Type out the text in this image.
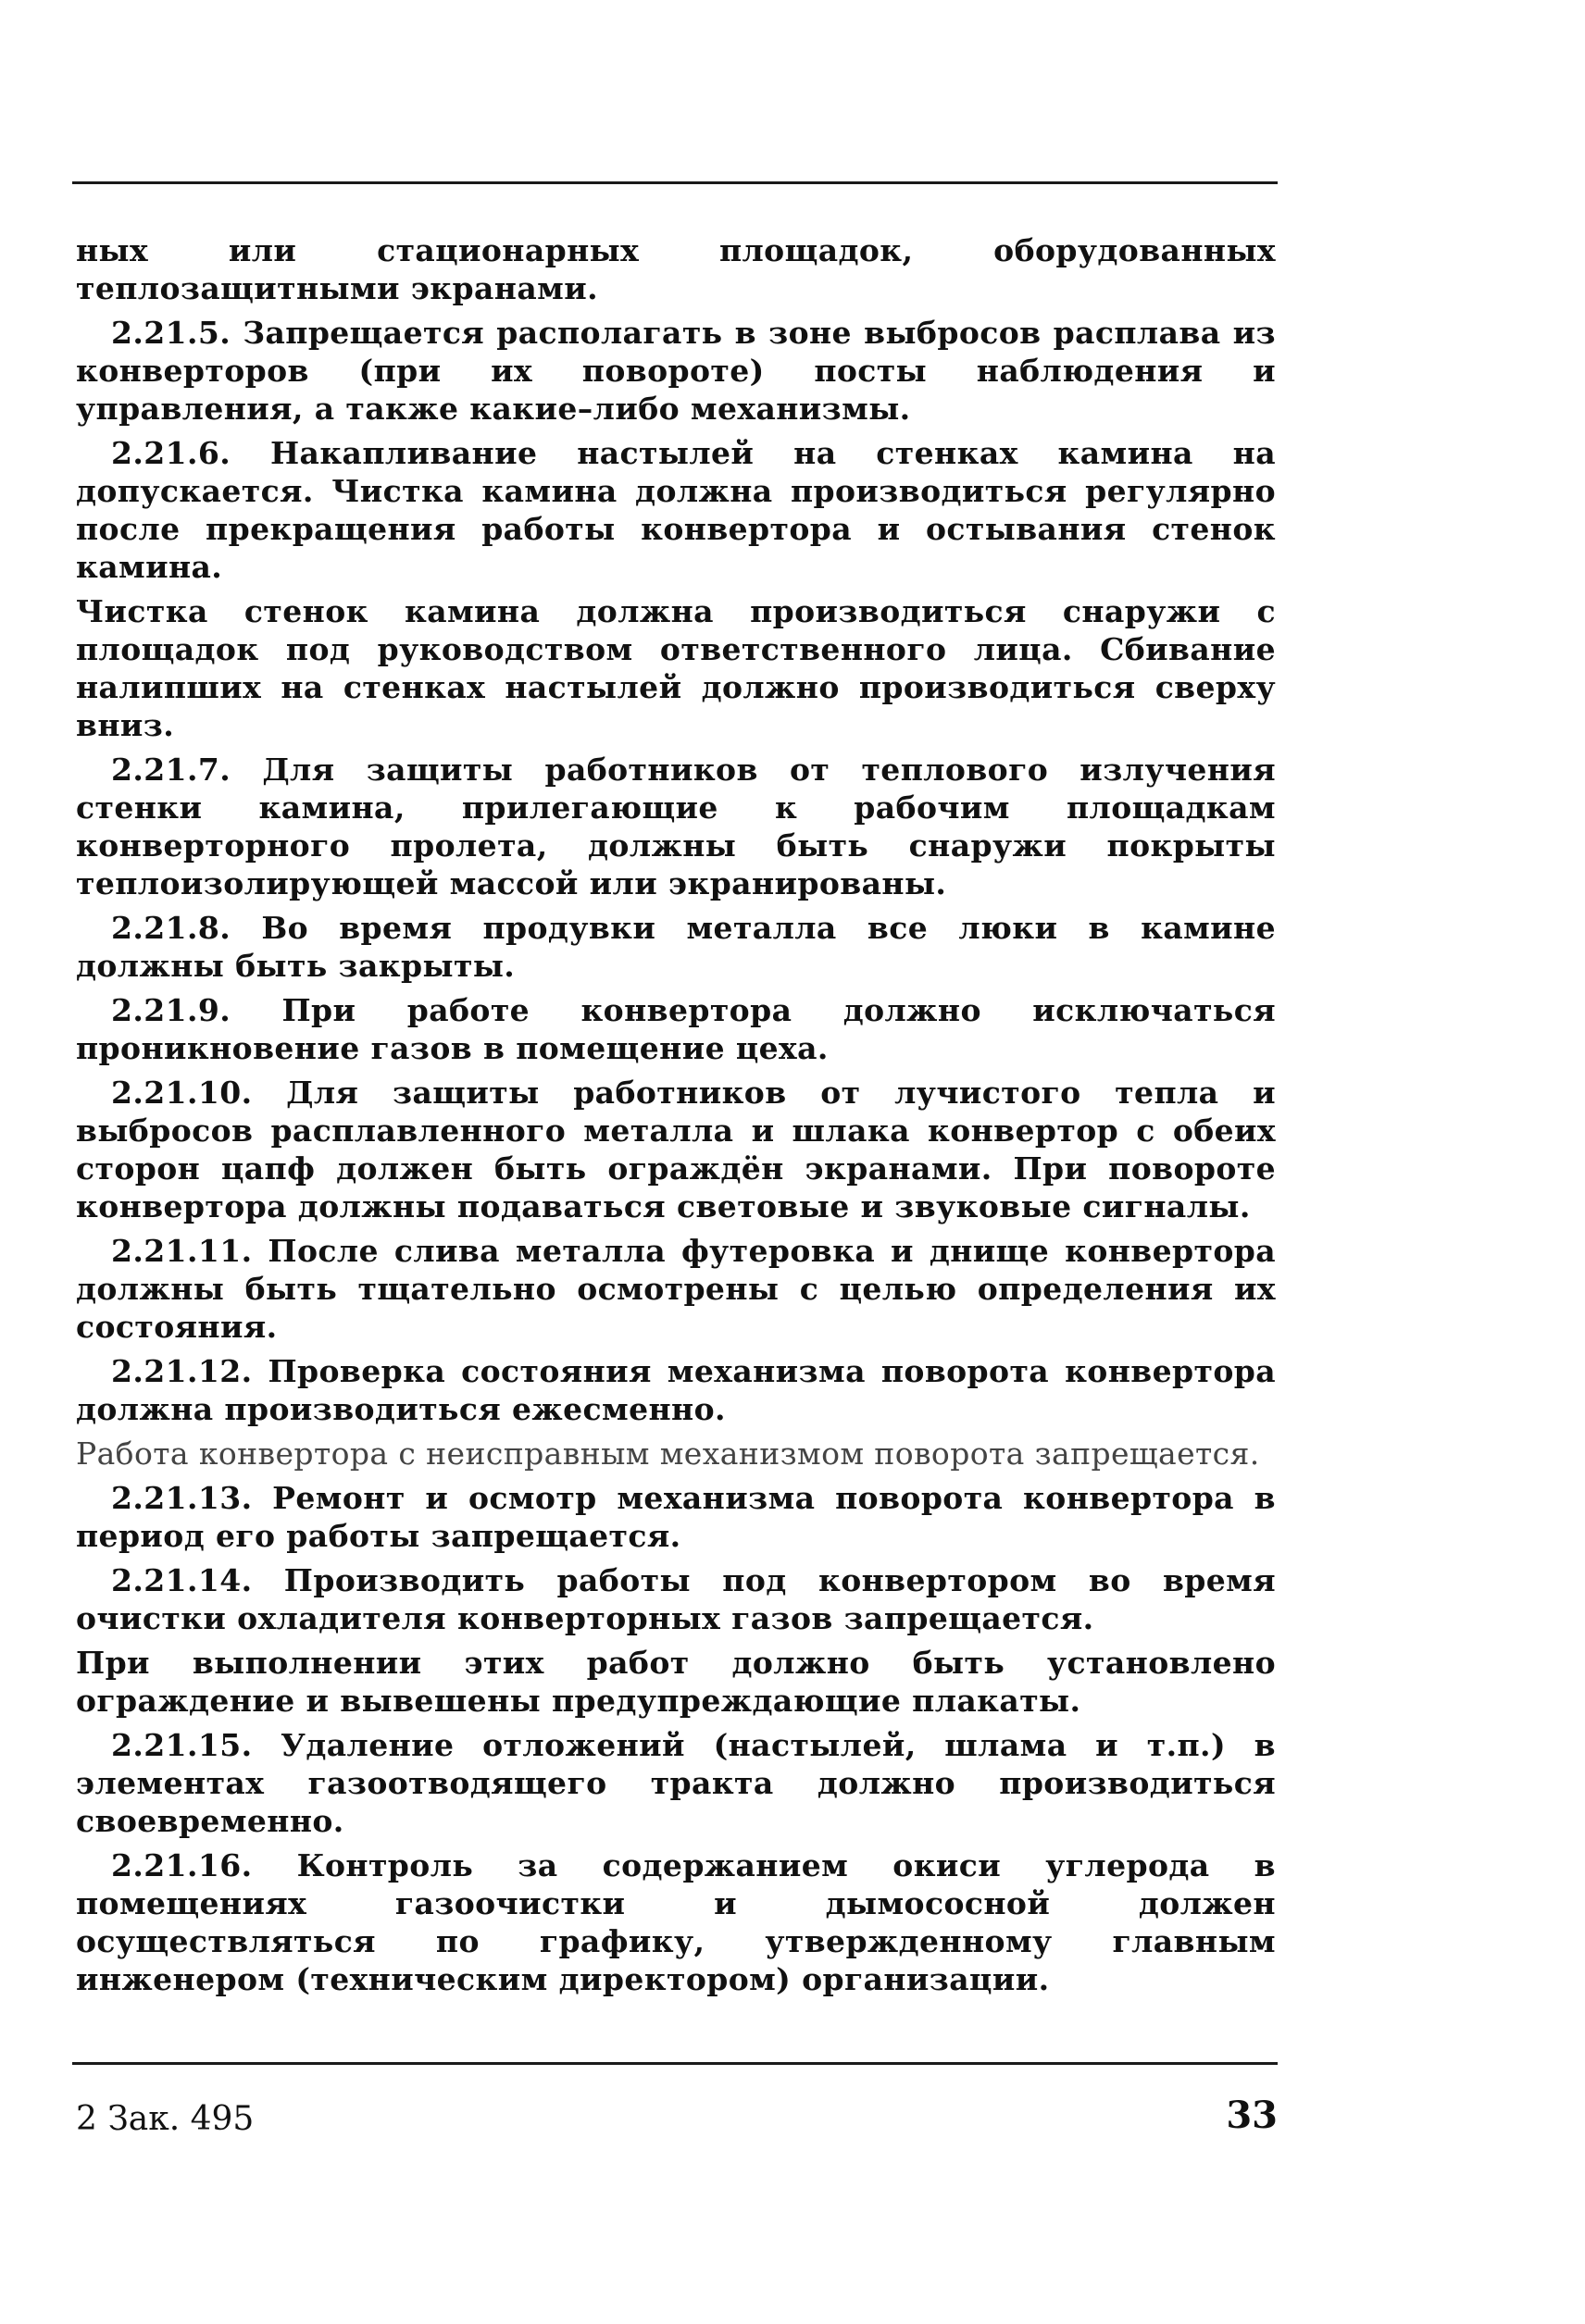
ных или стационарных площадок, оборудованных теплозащитными экранами.

2.21.5. Запрещается располагать в зоне выбросов расплава из конверторов (при их повороте) посты наблюдения и управления, а также какие–либо механизмы.

2.21.6. Накапливание настылей на стенках камина на допускается. Чистка камина должна производиться регулярно после прекращения работы конвертора и остывания стенок камина.

Чистка стенок камина должна производиться снаружи с площадок под руководством ответственного лица. Сбивание налипших на стенках настылей должно производиться сверху вниз.

2.21.7. Для защиты работников от теплового излучения стенки камина, прилегающие к рабочим площадкам конверторного пролета, должны быть снаружи покрыты теплоизолирующей массой или экранированы.

2.21.8. Во время продувки металла все люки в камине должны быть закрыты.

2.21.9. При работе конвертора должно исключаться проникновение газов в помещение цеха.

2.21.10. Для защиты работников от лучистого тепла и выбросов расплавленного металла и шлака конвертор с обеих сторон цапф должен быть ограждён экранами. При повороте конвертора должны подаваться световые и звуковые сигналы.

2.21.11. После слива металла футеровка и днище конвертора должны быть тщательно осмотрены с целью определения их состояния.

2.21.12. Проверка состояния механизма поворота конвертора должна производиться ежесменно.

Работа конвертора с неисправным механизмом поворота запрещается.

2.21.13. Ремонт и осмотр механизма поворота конвертора в период его работы запрещается.

2.21.14. Производить работы под конвертором во время очистки охладителя конверторных газов запрещается.

При выполнении этих работ должно быть установлено ограждение и вывешены предупреждающие плакаты.

2.21.15. Удаление отложений (настылей, шлама и т.п.) в элементах газоотводящего тракта должно производиться своевременно.

2.21.16. Контроль за содержанием окиси углерода в помещениях газоочистки и дымососной должен осуществляться по графику, утвержденному главным инженером (техническим директором) организации.

2 Зак. 495	33
